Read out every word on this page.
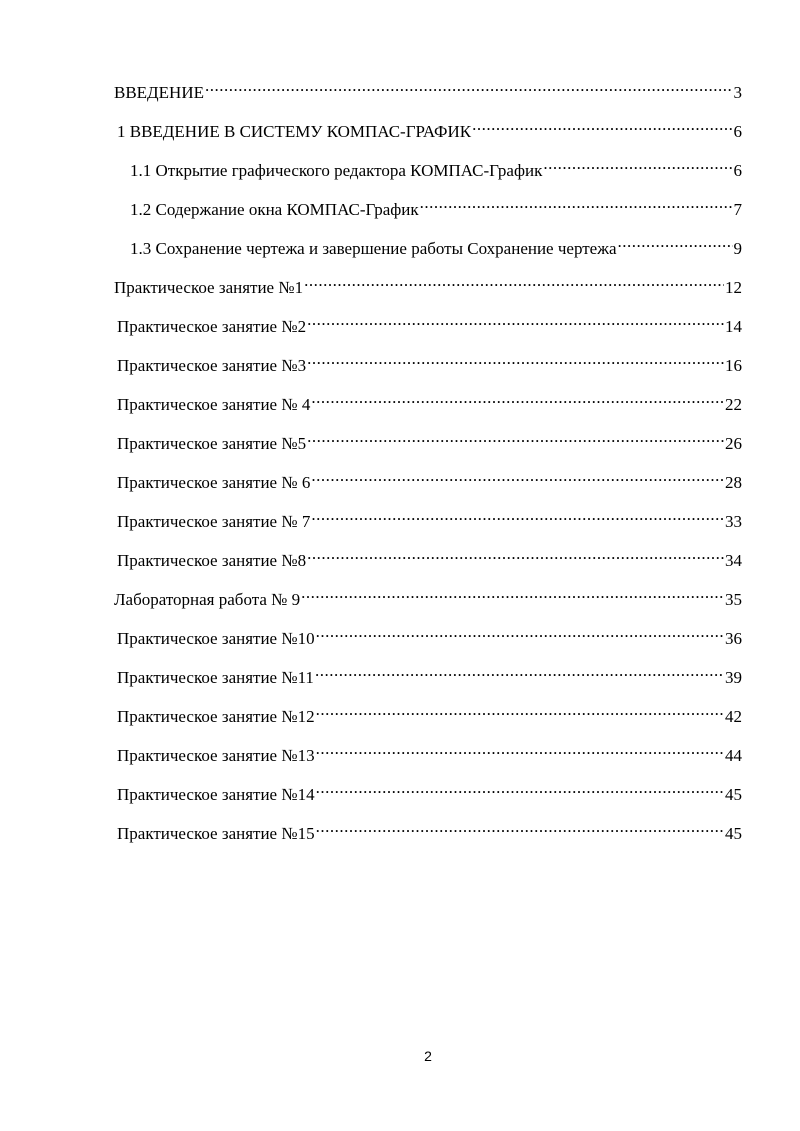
ВВЕДЕНИЕ .....	3
1 ВВЕДЕНИЕ В СИСТЕМУ КОМПАС-ГРАФИК .....	6
1.1 Открытие графического редактора КОМПАС-График .....	6
1.2 Содержание окна КОМПАС-График .....	7
1.3 Сохранение чертежа и завершение работы Сохранение чертежа .....	9
Практическое занятие №1 .....	12
Практическое занятие №2 .....	14
Практическое занятие №3 .....	16
Практическое занятие № 4 .....	22
Практическое занятие №5 .....	26
Практическое занятие № 6 .....	28
Практическое занятие № 7 .....	33
Практическое занятие №8 .....	34
Лабораторная работа № 9 .....	35
Практическое занятие №10 .....	36
Практическое занятие №11 .....	39
Практическое занятие №12 .....	42
Практическое занятие №13 .....	44
Практическое занятие №14 .....	45
Практическое занятие №15 .....	45
2
